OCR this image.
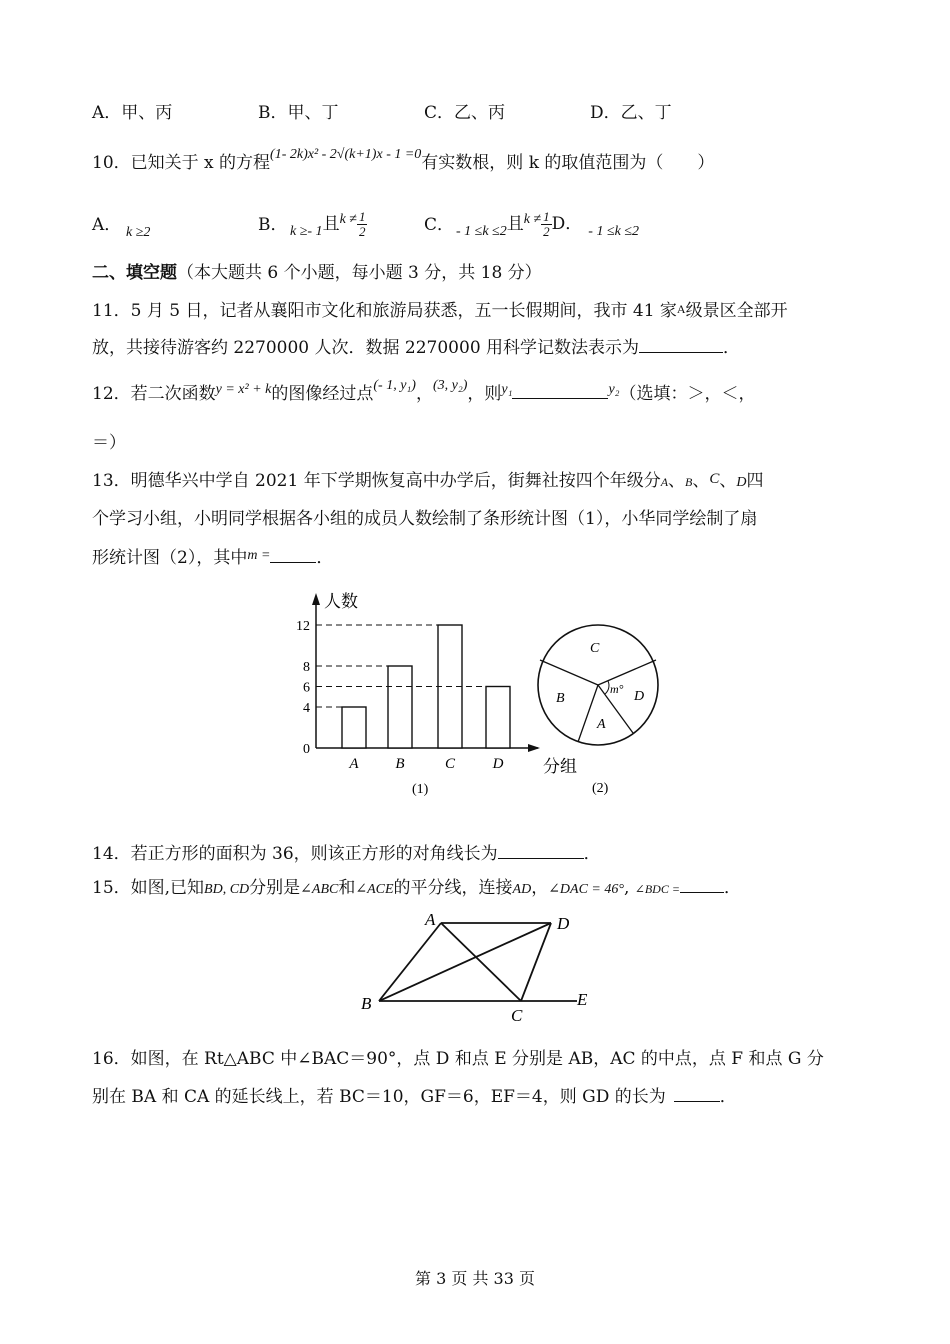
A．甲、丙	B．甲、丁	C．乙、丙	D．乙、丁
10．已知关于 x 的方程$^{(1- 2k)x^2 - 2√(k+1)x - 1 =0}$有实数根，则 k 的取值范围为（　　）
A． k ≥2	B． $_{k \ge- 1}$且$^{k \ne} \frac{1}{2}$	C． $_{- 1 \le k \le 2}$且$^{k \ne} \frac{1}{2}$ D． $_{- 1 \le k \le 2}$
二、填空题（本大题共 6 个小题，每小题 3 分，共 18 分）
11．5 月 5 日，记者从襄阳市文化和旅游局获悉，五一长假期间，我市 41 家A级景区全部开
放，共接待游客约 2270000 人次．数据 2270000 用科学记数法表示为	．
12．若二次函数$^{y = x^2 + k}$的图像经过点$^{(- 1, y_1)}$，$^{(3, y_2)}$，则$^{y_1}$	$^{y_2}$（选填：＞，＜，
＝）
13．明德华兴中学自 2021 年下学期恢复高中办学后，街舞社按四个年级分A、B、C、D四
个学习小组，小明同学根据各小组的成员人数绘制了条形统计图（1），小华同学绘制了扇
形统计图（2），其中$^{m =}$	．
人数
分组
0
4
6
8
12
A B	C	D
(1)
C
B	D
A
m°
(2)
14．若正方形的面积为 36，则该正方形的对角线长为	．
15．如图,已知BD, CD分别是∠ABC和∠ACE的平分线，连接AD，∠DAC = 46°, ∠BDC =	．
A	D
B
C
E
16．如图，在 Rt△ABC 中∠BAC＝90°，点 D 和点 E 分别是 AB，AC 的中点，点 F 和点 G 分
别在 BA 和 CA 的延长线上，若 BC＝10，GF＝6，EF＝4，则 GD 的长为	．
第 3 页 共 33 页
